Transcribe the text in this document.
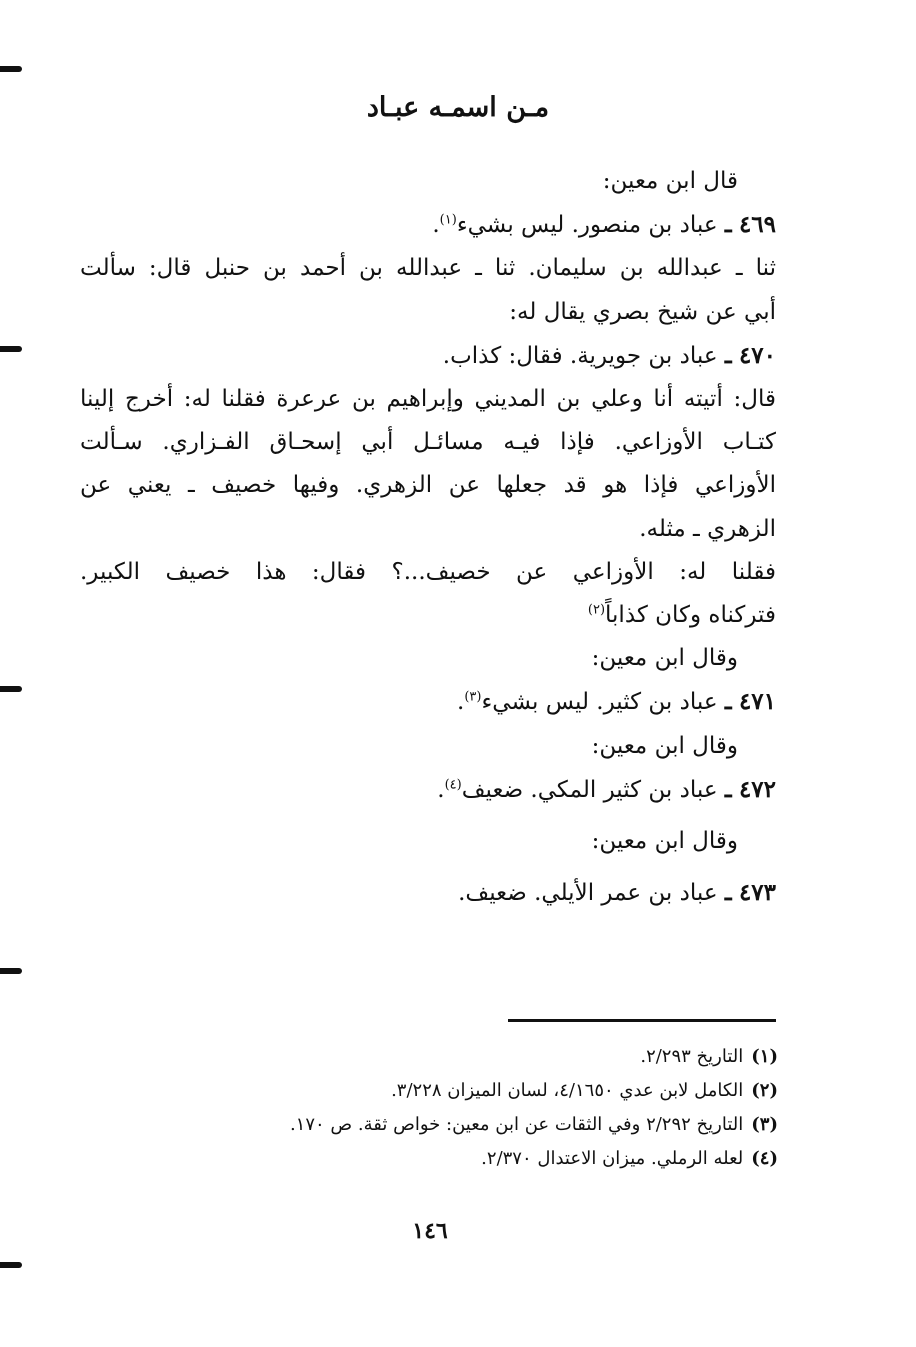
مـن اسمـه عبـاد
قال ابن معين:
٤٦٩ ـ عباد بن منصور. ليس بشيء$^{(١)}$.
ثنا ـ عبدالله بن سليمان. ثنا ـ عبدالله بن أحمد بن حنبل قال: سألت
أبي عن شيخ بصري يقال له:
٤٧٠ ـ عباد بن جويرية. فقال: كذاب.
قال: أتيته أنا وعلي بن المديني وإبراهيم بن عرعرة فقلنا له: أخرج إلينا
كتـاب الأوزاعي. فإذا فيـه مسائـل أبي إسحـاق الفـزاري. سـألت
الأوزاعي فإذا هو قد جعلها عن الزهري. وفيها خصيف ـ يعني عن
الزهري ـ مثله.
فقلنا له: الأوزاعي عن خصيف...؟ فقال: هذا خصيف الكبير.
فتركناه وكان كذاباً$^{(٢)}$
وقال ابن معين:
٤٧١ ـ عباد بن كثير. ليس بشيء$^{(٣)}$.
وقال ابن معين:
٤٧٢ ـ عباد بن كثير المكي. ضعيف$^{(٤)}$.
وقال ابن معين:
٤٧٣ ـ عباد بن عمر الأيلي. ضعيف.
(١)التاريخ ٢/٢٩٣.
(٢)الكامل لابن عدي ٤/١٦٥٠، لسان الميزان ٣/٢٢٨.
(٣)التاريخ ٢/٢٩٢ وفي الثقات عن ابن معين: خواص ثقة. ص ١٧٠.
(٤)لعله الرملي. ميزان الاعتدال ٢/٣٧٠.
١٤٦
